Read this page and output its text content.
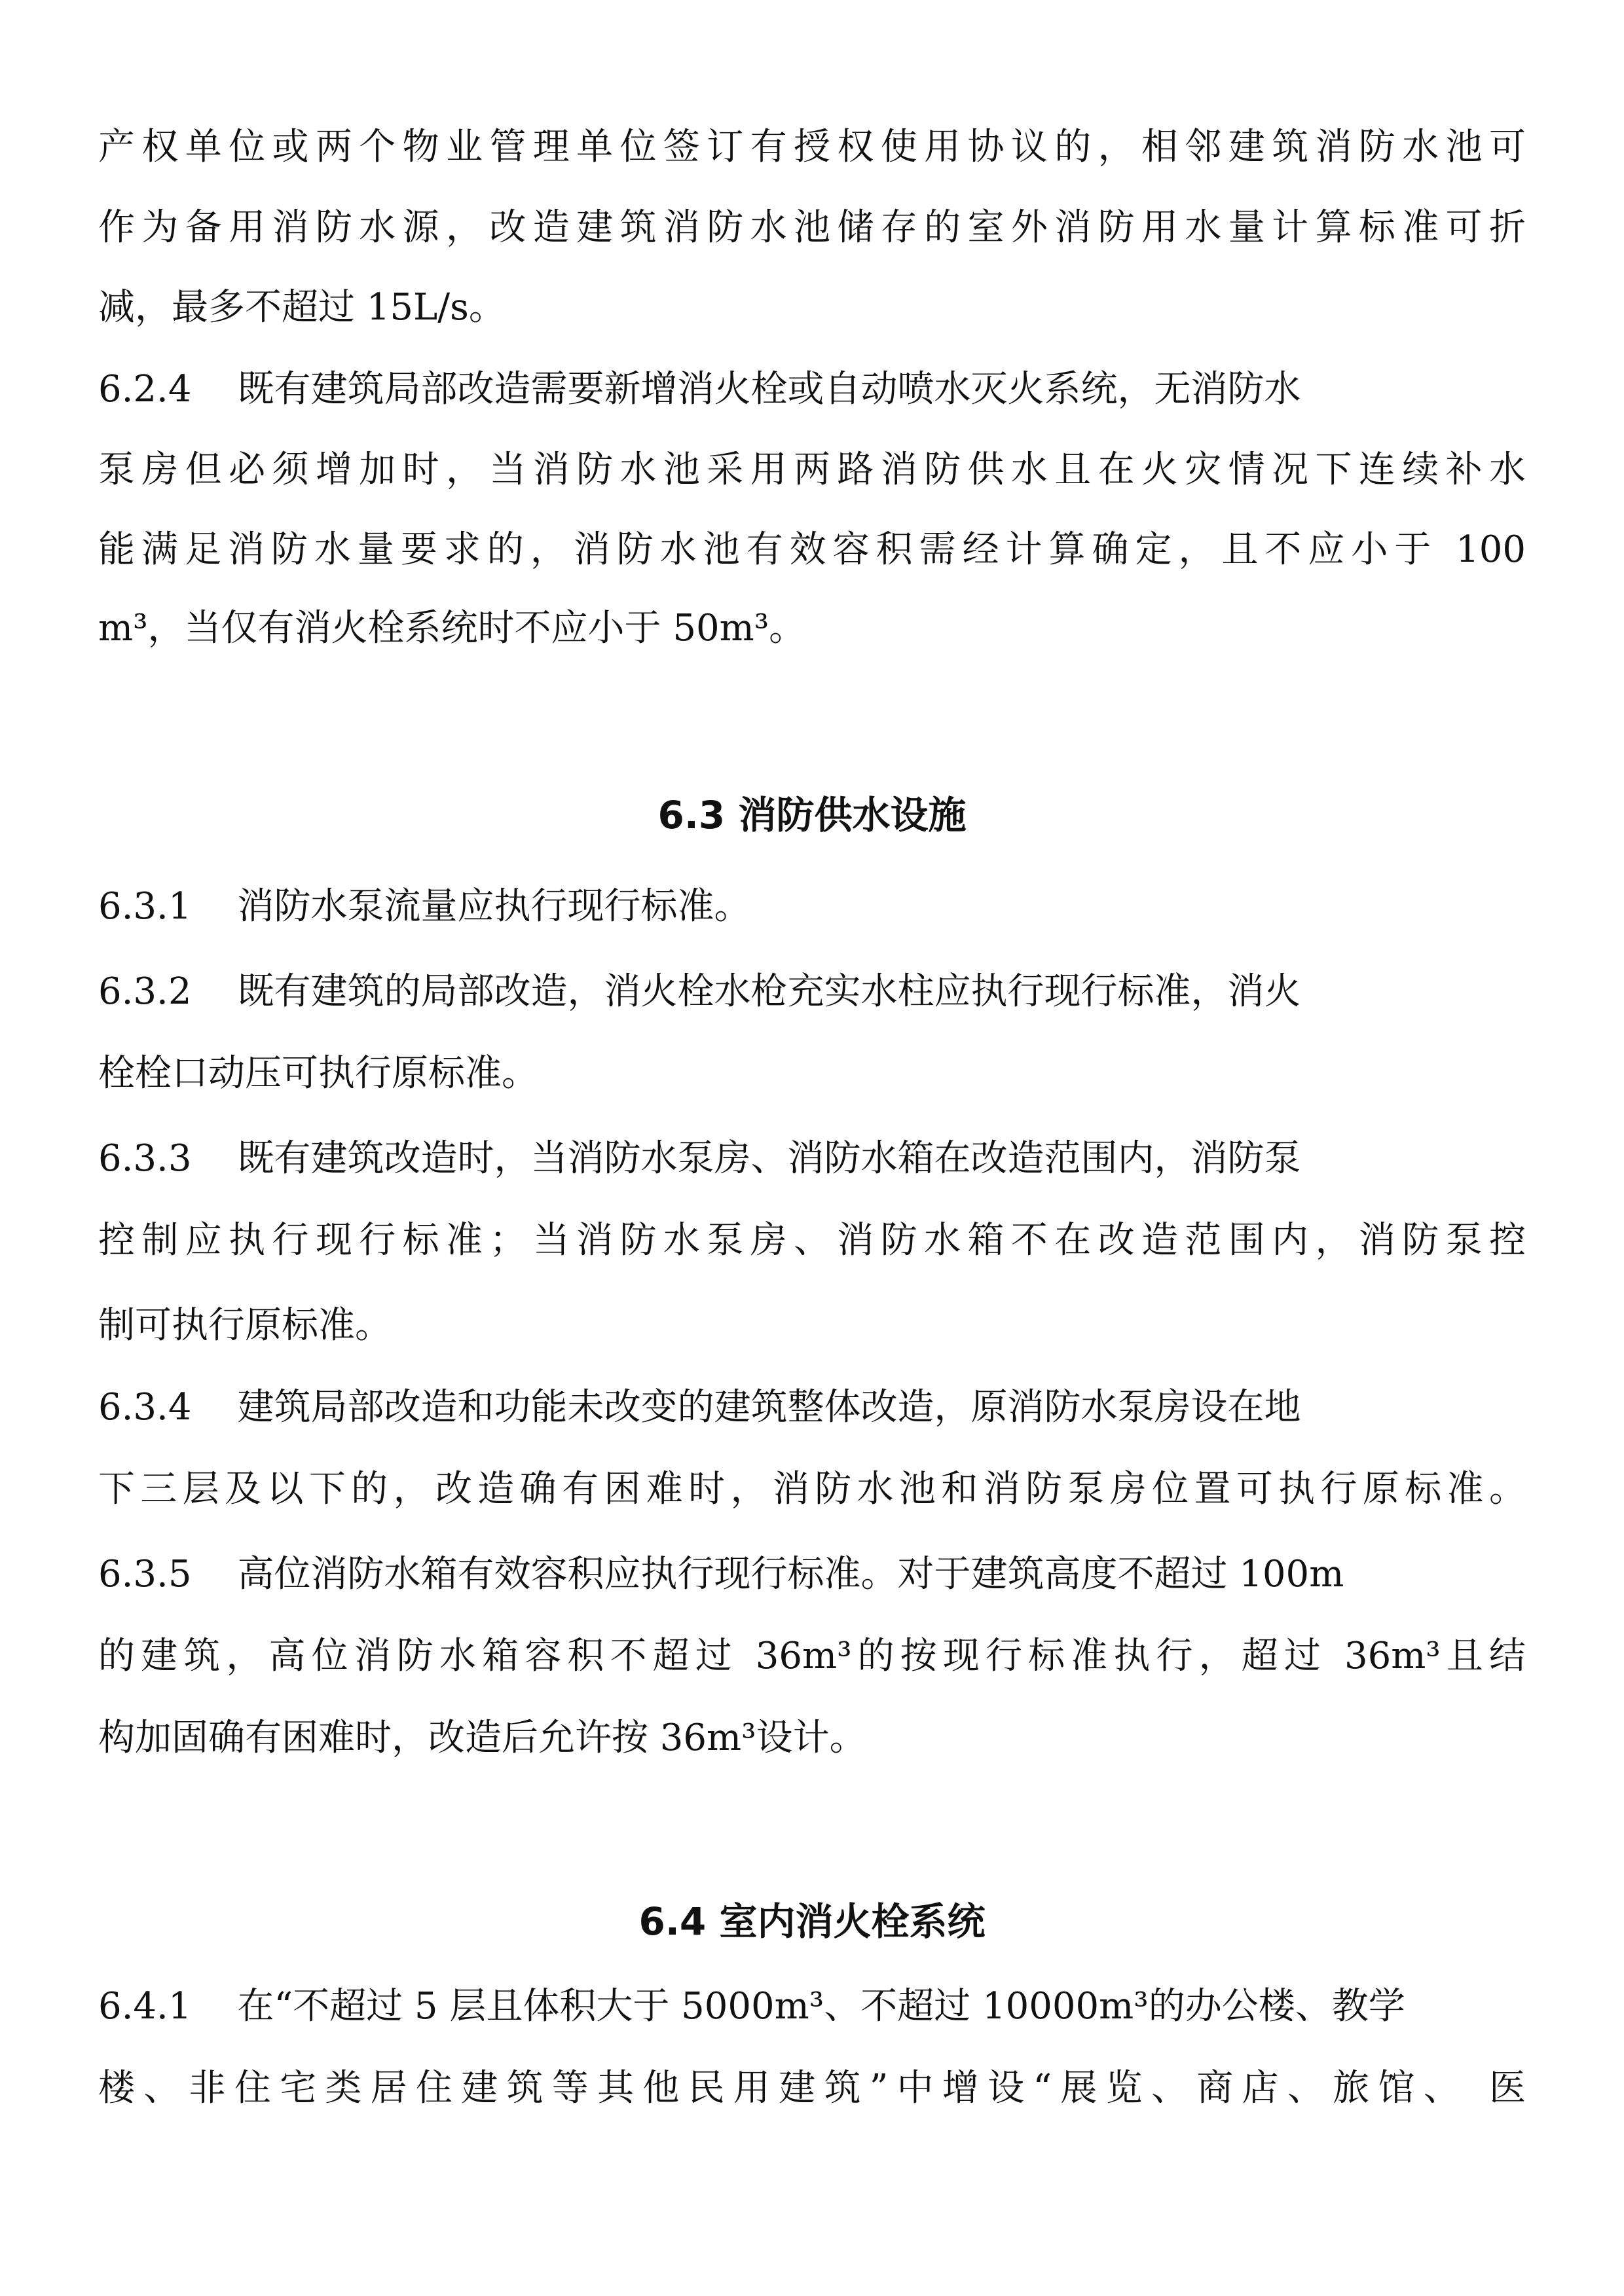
产权单位或两个物业管理单位签订有授权使用协议的，相邻建筑消防水池可
作为备用消防水源，改造建筑消防水池储存的室外消防用水量计算标准可折
减，最多不超过 15L/s。
6.2.4 既有建筑局部改造需要新增消火栓或自动喷水灭火系统，无消防水
泵房但必须增加时，当消防水池采用两路消防供水且在火灾情况下连续补水
能满足消防水量要求的，消防水池有效容积需经计算确定，且不应小于 100
m³，当仅有消火栓系统时不应小于 50m³。
6.3 消防供水设施
6.3.1 消防水泵流量应执行现行标准。
6.3.2 既有建筑的局部改造，消火栓水枪充实水柱应执行现行标准，消火
栓栓口动压可执行原标准。
6.3.3 既有建筑改造时，当消防水泵房、消防水箱在改造范围内，消防泵
控制应执行现行标准；当消防水泵房、消防水箱不在改造范围内，消防泵控
制可执行原标准。
6.3.4 建筑局部改造和功能未改变的建筑整体改造，原消防水泵房设在地
下三层及以下的，改造确有困难时，消防水池和消防泵房位置可执行原标准。
6.3.5 高位消防水箱有效容积应执行现行标准。对于建筑高度不超过 100m
的建筑，高位消防水箱容积不超过 36m³的按现行标准执行，超过 36m³且结
构加固确有困难时，改造后允许按 36m³设计。
6.4 室内消火栓系统
6.4.1 在“不超过 5 层且体积大于 5000m³、不超过 10000m³的办公楼、教学
楼、非住宅类居住建筑等其他民用建筑”中增设“展览、商店、旅馆、 医
